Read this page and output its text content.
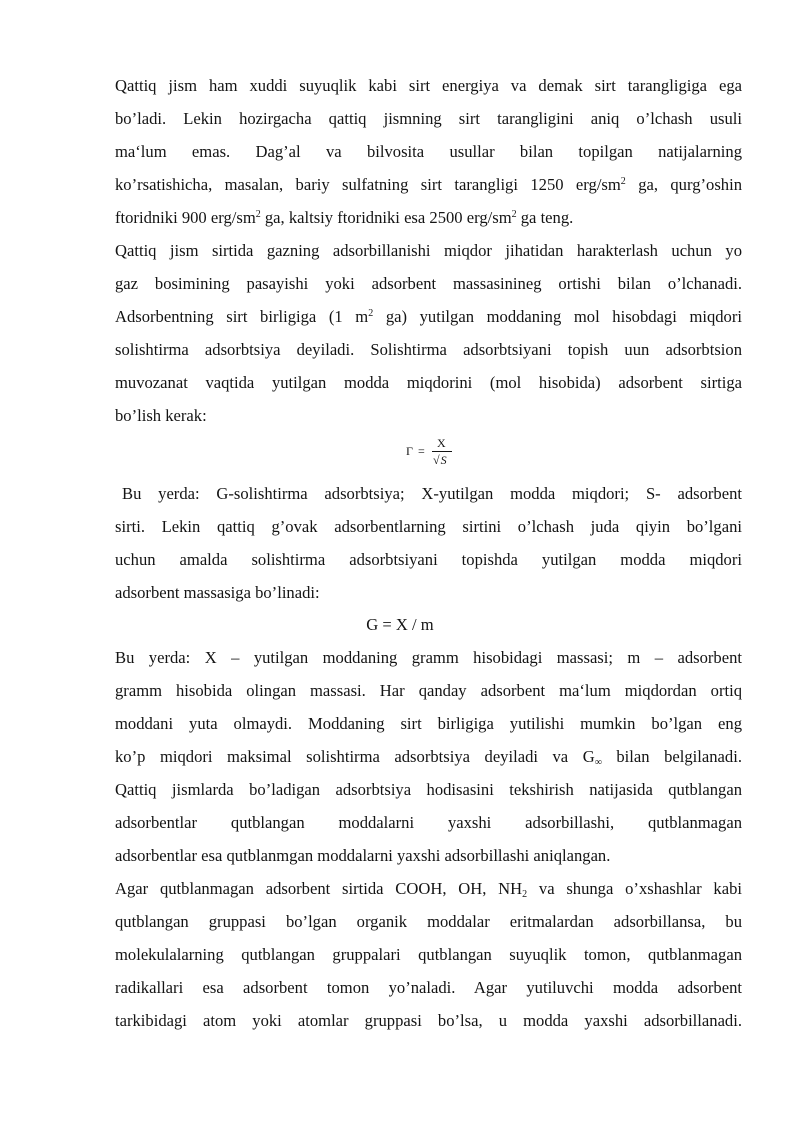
Qattiq jism ham xuddi suyuqlik kabi sirt energiya va demak sirt tarangligiga ega
bo’ladi. Lekin hozirgacha qattiq jismning sirt tarangligini aniq o’lchash usuli
ma‘lum emas. Dag’al va bilvosita usullar bilan topilgan natijalarning
ko’rsatishicha, masalan, bariy sulfatning sirt tarangligi 1250 erg/$sm^2$ ga, qurg’oshin
ftoridniki 900 erg/$sm^2$ ga, kaltsiy ftoridniki esa 2500 erg/$sm^2$ ga teng.
Qattiq jism sirtida gazning adsorbillanishi miqdor jihatidan harakterlash uchun yo
gaz bosimining pasayishi yoki adsorbent massasinineg ortishi bilan o’lchanadi.
Adsorbentning sirt birligiga (1 $m^2$ ga) yutilgan moddaning mol hisobdagi miqdori
solishtirma adsorbtsiya deyiladi. Solishtirma adsorbtsiyani topish uun adsorbtsion
muvozanat vaqtida yutilgan modda miqdorini (mol hisobida) adsorbent sirtiga
bo’lish kerak:
Г =
X
√S
Bu yerda: G-solishtirma adsorbtsiya; X-yutilgan modda miqdori; S- adsorbent
sirti. Lekin qattiq g’ovak adsorbentlarning sirtini o’lchash juda qiyin bo’lgani
uchun amalda solishtirma adsorbtsiyani topishda yutilgan modda miqdori
adsorbent massasiga bo’linadi:
G = X / m
Bu yerda: X – yutilgan moddaning gramm hisobidagi massasi; m – adsorbent
gramm hisobida olingan massasi. Har qanday adsorbent ma‘lum miqdordan ortiq
moddani yuta olmaydi. Moddaning sirt birligiga yutilishi mumkin bo’lgan eng
ko’p miqdori maksimal solishtirma adsorbtsiya deyiladi va $G_\infty$ bilan belgilanadi.
Qattiq jismlarda bo’ladigan adsorbtsiya hodisasini tekshirish natijasida qutblangan
adsorbentlar qutblangan moddalarni yaxshi adsorbillashi, qutblanmagan
adsorbentlar esa qutblanmgan moddalarni yaxshi adsorbillashi aniqlangan.
Agar qutblanmagan adsorbent sirtida COOH, OH, $NH_2$ va shunga o’xshashlar kabi
qutblangan gruppasi bo’lgan organik moddalar eritmalardan adsorbillansa, bu
molekulalarning qutblangan gruppalari qutblangan suyuqlik tomon, qutblanmagan
radikallari esa adsorbent tomon yo’naladi. Agar yutiluvchi modda adsorbent
tarkibidagi atom yoki atomlar gruppasi bo’lsa, u modda yaxshi adsorbillanadi.
